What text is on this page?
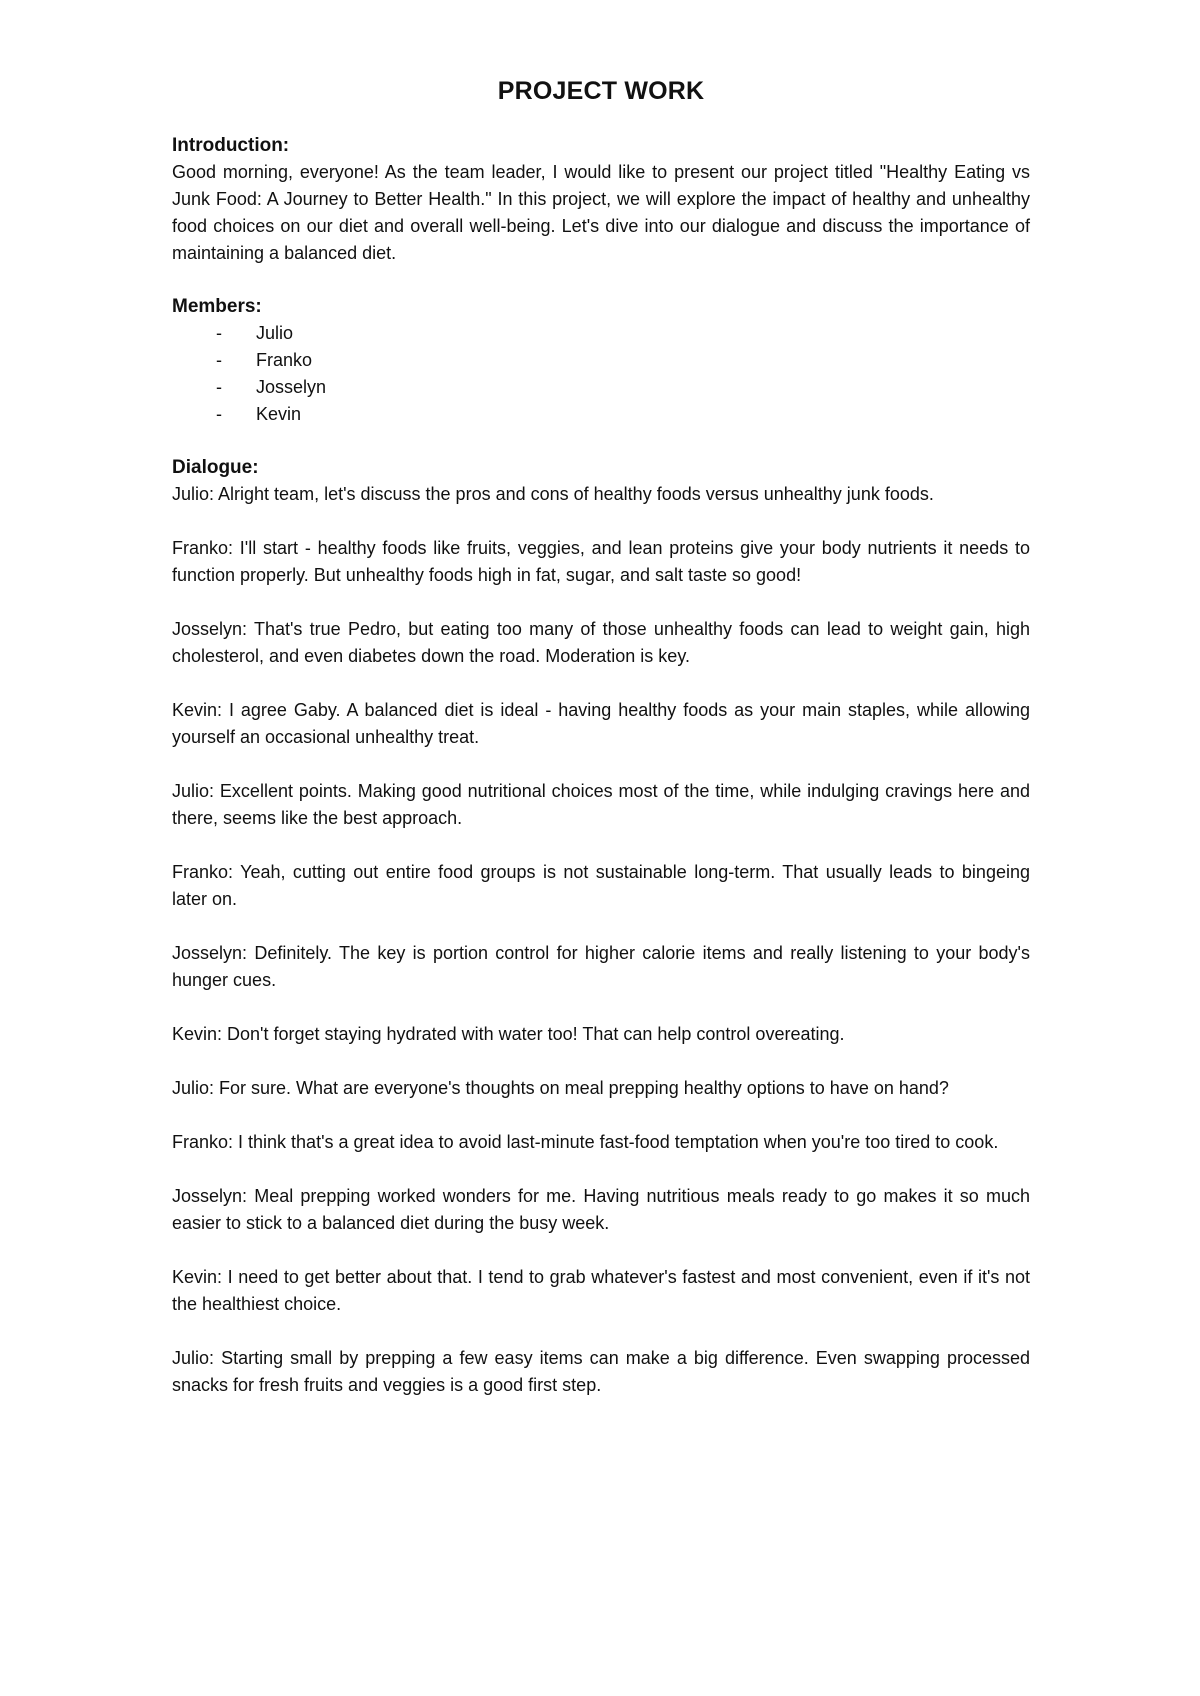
PROJECT WORK

Introduction:

Good morning, everyone! As the team leader, I would like to present our project titled "Healthy Eating vs Junk Food: A Journey to Better Health." In this project, we will explore the impact of healthy and unhealthy food choices on our diet and overall well-being. Let's dive into our dialogue and discuss the importance of maintaining a balanced diet.

Members:

-	Julio
-	Franko
-	Josselyn
-	Kevin

Dialogue:

Julio: Alright team, let's discuss the pros and cons of healthy foods versus unhealthy junk foods.

Franko: I'll start - healthy foods like fruits, veggies, and lean proteins give your body nutrients it needs to function properly. But unhealthy foods high in fat, sugar, and salt taste so good!

Josselyn: That's true Pedro, but eating too many of those unhealthy foods can lead to weight gain, high cholesterol, and even diabetes down the road. Moderation is key.

Kevin: I agree Gaby. A balanced diet is ideal - having healthy foods as your main staples, while allowing yourself an occasional unhealthy treat.

Julio: Excellent points. Making good nutritional choices most of the time, while indulging cravings here and there, seems like the best approach.

Franko: Yeah, cutting out entire food groups is not sustainable long-term. That usually leads to bingeing later on.

Josselyn: Definitely. The key is portion control for higher calorie items and really listening to your body's hunger cues.

Kevin: Don't forget staying hydrated with water too! That can help control overeating.

Julio: For sure. What are everyone's thoughts on meal prepping healthy options to have on hand?

Franko: I think that's a great idea to avoid last-minute fast-food temptation when you're too tired to cook.

Josselyn: Meal prepping worked wonders for me. Having nutritious meals ready to go makes it so much easier to stick to a balanced diet during the busy week.

Kevin: I need to get better about that. I tend to grab whatever's fastest and most convenient, even if it's not the healthiest choice.

Julio: Starting small by prepping a few easy items can make a big difference. Even swapping processed snacks for fresh fruits and veggies is a good first step.
